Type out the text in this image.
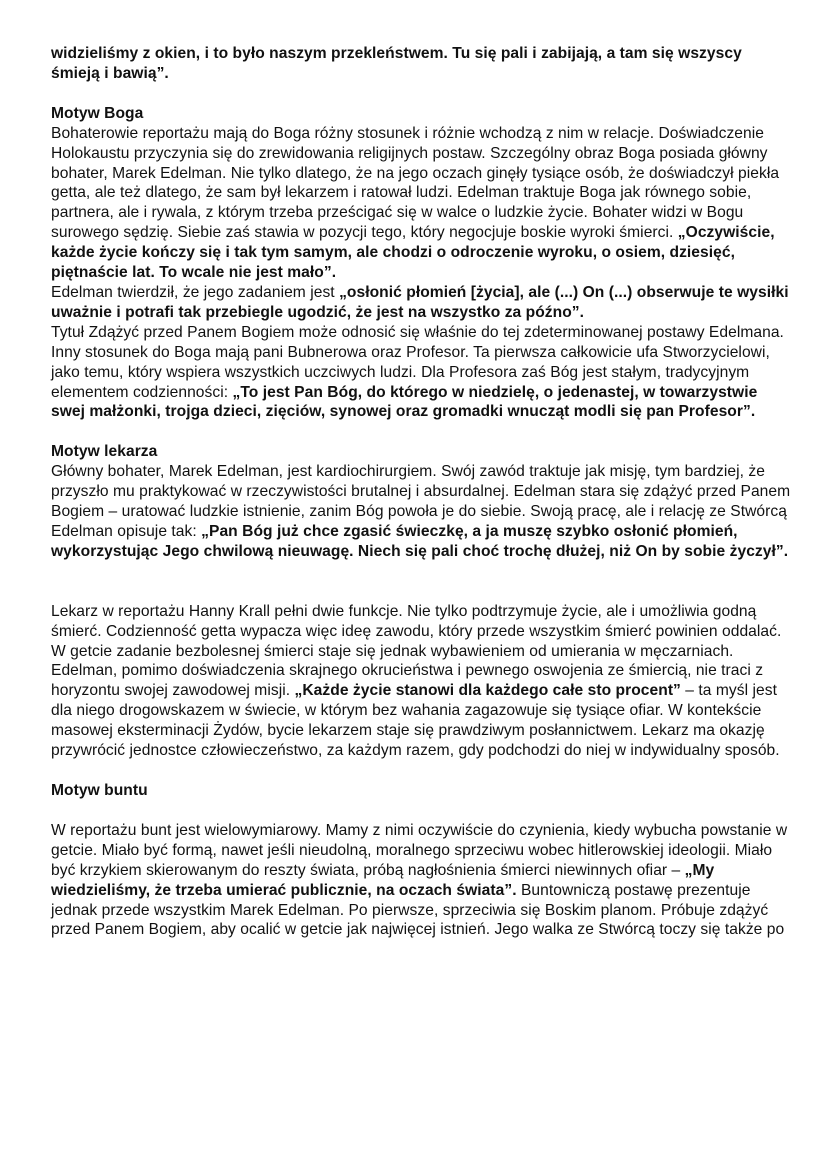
widzieliśmy z okien, i to było naszym przekleństwem. Tu się pali i zabijają, a tam się wszyscy śmieją i bawią”.

Motyw Boga

Bohaterowie reportażu mają do Boga różny stosunek i różnie wchodzą z nim w relacje. Doświadczenie Holokaustu przyczynia się do zrewidowania religijnych postaw. Szczególny obraz Boga posiada główny bohater, Marek Edelman. Nie tylko dlatego, że na jego oczach ginęły tysiące osób, że doświadczył piekła getta, ale też dlatego, że sam był lekarzem i ratował ludzi. Edelman traktuje Boga jak równego sobie, partnera, ale i rywala, z którym trzeba prześcigać się w walce o ludzkie życie. Bohater widzi w Bogu surowego sędzię. Siebie zaś stawia w pozycji tego, który negocjuje boskie wyroki śmierci. „Oczywiście, każde życie kończy się i tak tym samym, ale chodzi o odroczenie wyroku, o osiem, dziesięć, piętnaście lat. To wcale nie jest mało”.

Edelman twierdził, że jego zadaniem jest „osłonić płomień [życia], ale (...) On (...) obserwuje te wysiłki uważnie i potrafi tak przebiegle ugodzić, że jest na wszystko za późno”.

Tytuł Zdążyć przed Panem Bogiem może odnosić się właśnie do tej zdeterminowanej postawy Edelmana.

Inny stosunek do Boga mają pani Bubnerowa oraz Profesor. Ta pierwsza całkowicie ufa Stworzycielowi, jako temu, który wspiera wszystkich uczciwych ludzi. Dla Profesora zaś Bóg jest stałym, tradycyjnym elementem codzienności: „To jest Pan Bóg, do którego w niedzielę, o jedenastej, w towarzystwie swej małżonki, trojga dzieci, zięciów, synowej oraz gromadki wnucząt modli się pan Profesor”.

Motyw lekarza

Główny bohater, Marek Edelman, jest kardiochirurgiem. Swój zawód traktuje jak misję, tym bardziej, że przyszło mu praktykować w rzeczywistości brutalnej i absurdalnej. Edelman stara się zdążyć przed Panem Bogiem – uratować ludzkie istnienie, zanim Bóg powoła je do siebie. Swoją pracę, ale i relację ze Stwórcą Edelman opisuje tak: „Pan Bóg już chce zgasić świeczkę, a ja muszę szybko osłonić płomień, wykorzystując Jego chwilową nieuwagę. Niech się pali choć trochę dłużej, niż On by sobie życzył”.

Lekarz w reportażu Hanny Krall pełni dwie funkcje. Nie tylko podtrzymuje życie, ale i umożliwia godną śmierć. Codzienność getta wypacza więc ideę zawodu, który przede wszystkim śmierć powinien oddalać. W getcie zadanie bezbolesnej śmierci staje się jednak wybawieniem od umierania w męczarniach. Edelman, pomimo doświadczenia skrajnego okrucieństwa i pewnego oswojenia ze śmiercią, nie traci z horyzontu swojej zawodowej misji. „Każde życie stanowi dla każdego całe sto procent” – ta myśl jest dla niego drogowskazem w świecie, w którym bez wahania zagazowuje się tysiące ofiar. W kontekście masowej eksterminacji Żydów, bycie lekarzem staje się prawdziwym posłannictwem. Lekarz ma okazję przywrócić jednostce człowieczeństwo, za każdym razem, gdy podchodzi do niej w indywidualny sposób.

Motyw buntu

W reportażu bunt jest wielowymiarowy. Mamy z nimi oczywiście do czynienia, kiedy wybucha powstanie w getcie. Miało być formą, nawet jeśli nieudolną, moralnego sprzeciwu wobec hitlerowskiej ideologii. Miało być krzykiem skierowanym do reszty świata, próbą nagłośnienia śmierci niewinnych ofiar – „My wiedzieliśmy, że trzeba umierać publicznie, na oczach świata”. Buntowniczą postawę prezentuje jednak przede wszystkim Marek Edelman. Po pierwsze, sprzeciwia się Boskim planom. Próbuje zdążyć przed Panem Bogiem, aby ocalić w getcie jak najwięcej istnień. Jego walka ze Stwórcą toczy się także po
